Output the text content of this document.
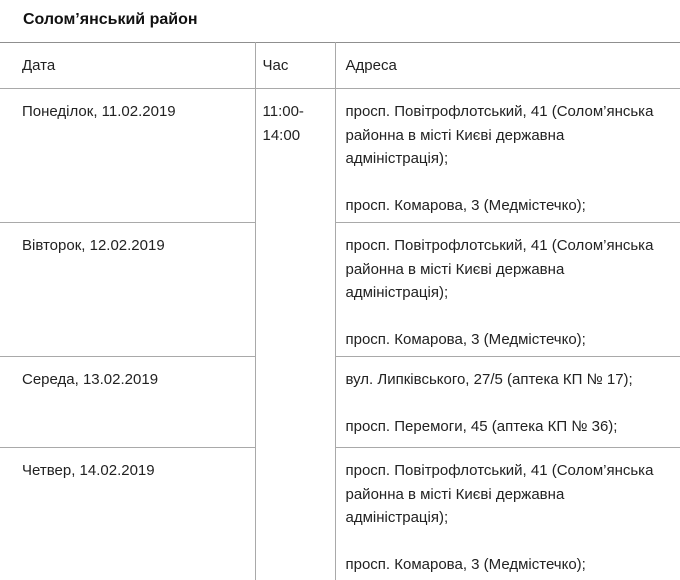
Солом’янський район
Дата	Час	Адреса
Понеділок, 11.02.2019	11:00-14:00	просп. Повітрофлотський, 41 (Солом’янська
районна в місті Києві державна
адміністрація);
просп. Комарова, 3 (Медмістечко);

Вівторок, 12.02.2019		просп. Повітрофлотський, 41 (Солом’янська
районна в місті Києві державна
адміністрація);
просп. Комарова, 3 (Медмістечко);

Середа, 13.02.2019		вул. Липківського, 27/5 (аптека КП № 17);
просп. Перемоги, 45 (аптека КП № 36);

Четвер, 14.02.2019		просп. Повітрофлотський, 41 (Солом’янська
районна в місті Києві державна
адміністрація);
просп. Комарова, 3 (Медмістечко);
